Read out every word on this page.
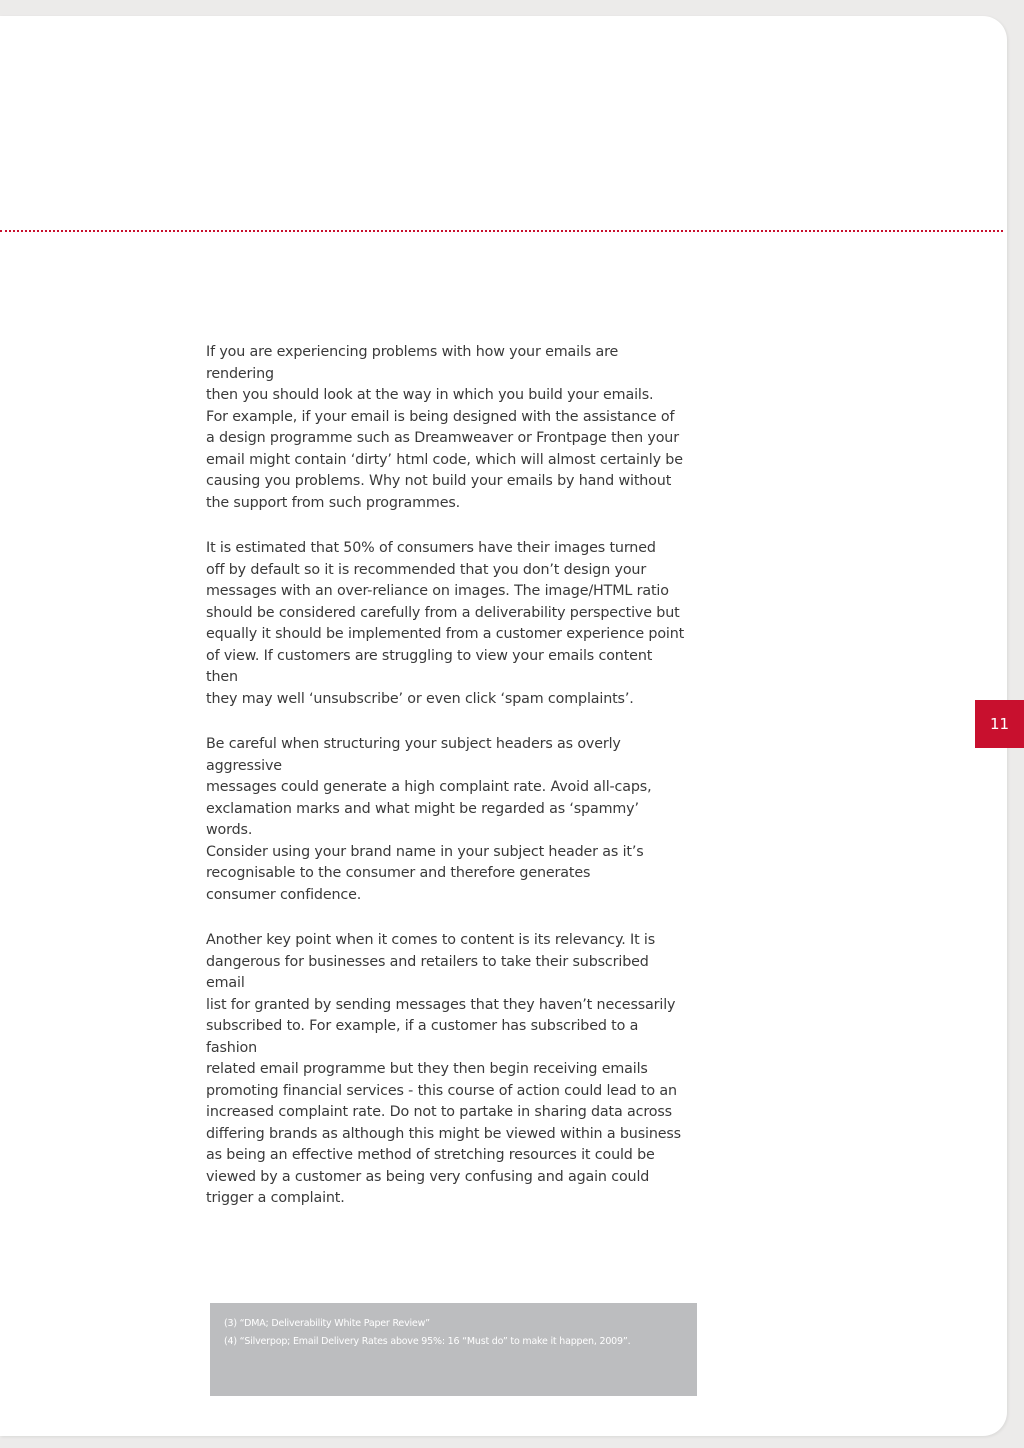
If you are experiencing problems with how your emails are rendering
then you should look at the way in which you build your emails.
For example, if your email is being designed with the assistance of
a design programme such as Dreamweaver or Frontpage then your
email might contain ‘dirty’ html code, which will almost certainly be
causing you problems. Why not build your emails by hand without
the support from such programmes.

It is estimated that 50% of consumers have their images turned
off by default so it is recommended that you don’t design your
messages with an over-reliance on images. The image/HTML ratio
should be considered carefully from a deliverability perspective but
equally it should be implemented from a customer experience point
of view. If customers are struggling to view your emails content then
they may well ‘unsubscribe’ or even click ‘spam complaints’.

Be careful when structuring your subject headers as overly aggressive
messages could generate a high complaint rate. Avoid all-caps,
exclamation marks and what might be regarded as ‘spammy’ words.
Consider using your brand name in your subject header as it’s
recognisable to the consumer and therefore generates
consumer confidence.

Another key point when it comes to content is its relevancy. It is
dangerous for businesses and retailers to take their subscribed email
list for granted by sending messages that they haven’t necessarily
subscribed to. For example, if a customer has subscribed to a fashion
related email programme but they then begin receiving emails
promoting financial services - this course of action could lead to an
increased complaint rate. Do not to partake in sharing data across
differing brands as although this might be viewed within a business
as being an effective method of stretching resources it could be
viewed by a customer as being very confusing and again could
trigger a complaint.

(3) “DMA; Deliverability White Paper Review”

(4) “Silverpop; Email Delivery Rates above 95%: 16 “Must do” to make it happen, 2009”.

11
